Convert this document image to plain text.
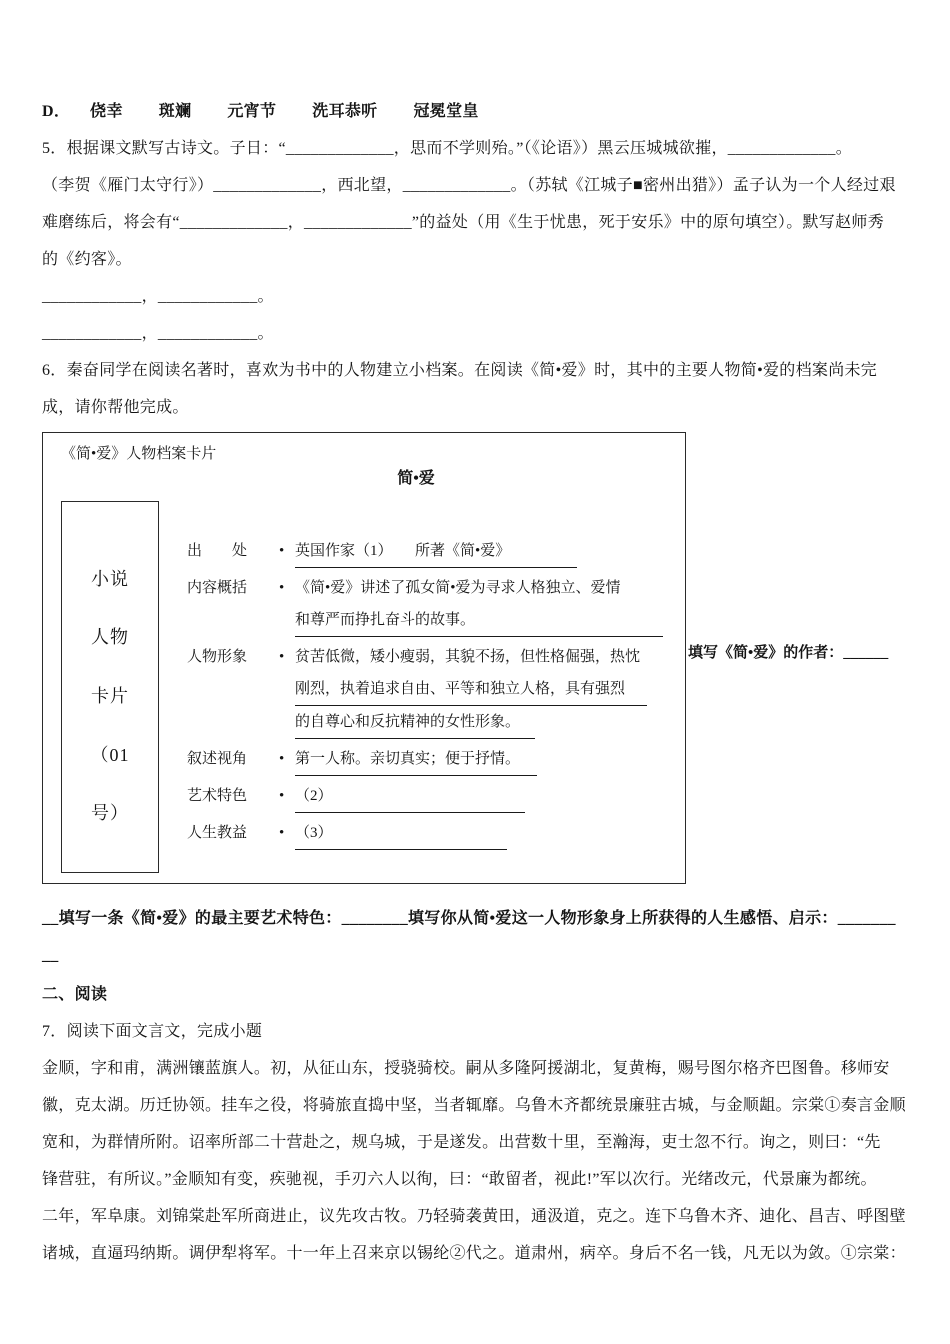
D． 侥幸 斑斓 元宵节 洗耳恭听 冠冕堂皇
5．根据课文默写古诗文。子日：“_____________，思而不学则殆。”（《论语》）黑云压城城欲摧，_____________。
（李贺《雁门太守行》）_____________，西北望，_____________。（苏轼《江城子■密州出猎》）孟子认为一个人经过艰
难磨练后，将会有“_____________，_____________”的益处（用《生于忧患，死于安乐》中的原句填空）。默写赵师秀
的《约客》。
____________，____________。
____________，____________。
6．秦奋同学在阅读名著时，喜欢为书中的人物建立小档案。在阅读《简•爱》时，其中的主要人物简•爱的档案尚未完
成，请你帮他完成。
《简•爱》人物档案卡片
简•爱
小说
人物
卡片
（01
号）
出　　处	• 英国作家（1）　　所著《简•爱》
内容概括	• 《简•爱》讲述了孤女简•爱为寻求人格独立、爱情
和尊严而挣扎奋斗的故事。
人物形象	• 贫苦低微，矮小瘦弱，其貌不扬，但性格倔强，热忱
刚烈，执着追求自由、平等和独立人格，具有强烈
的自尊心和反抗精神的女性形象。
叙述视角	• 第一人称。亲切真实；便于抒情。
艺术特色	• （2）
人生教益	• （3）
填写《简•爱》的作者：______
__填写一条《简•爱》的最主要艺术特色：________填写你从简•爱这一人物形象身上所获得的人生感悟、启示：_______
__
二、阅读
7．阅读下面文言文，完成小题
金顺，字和甫，满洲镶蓝旗人。初，从征山东，授骁骑校。嗣从多隆阿援湖北，复黄梅，赐号图尔格齐巴图鲁。移师安
徽，克太湖。历迁协领。挂车之役，将骑旅直捣中坚，当者辄靡。乌鲁木齐都统景廉驻古城，与金顺龃。宗棠①奏言金顺
宽和，为群情所附。诏率所部二十营赴之，规乌城，于是遂发。出营数十里，至瀚海，吏士忽不行。询之，则曰：“先
锋营驻，有所议。”金顺知有变，疾驰视，手刃六人以徇，曰：“敢留者，视此!”军以次行。光绪改元，代景廉为都统。
二年，军阜康。刘锦棠赴军所商进止，议先攻古牧。乃轻骑袭黄田，通汲道，克之。连下乌鲁木齐、迪化、昌吉、呼图壁
诸城，直逼玛纳斯。调伊犁将军。十一年上召来京以锡纶②代之。道肃州，病卒。身后不名一钱，凡无以为敛。①宗棠：
